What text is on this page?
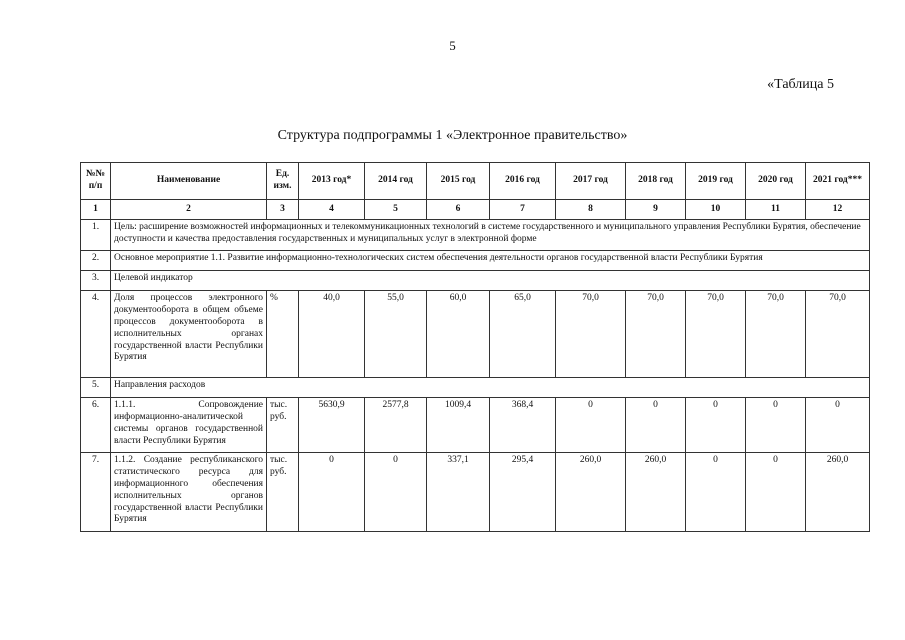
5
«Таблица 5
Структура подпрограммы 1 «Электронное правительство»
№№ п/п	Наименование	Ед. изм.	2013 год*	2014 год	2015 год	2016 год	2017 год	2018 год	2019 год	2020 год	2021 год***
1	2	3	4	5	6	7	8	9	10	11	12
1.	Цель: расширение возможностей информационных и телекоммуникационных технологий в системе государственного и муниципального управления Республики Бурятия, обеспечение доступности и качества предоставления государственных и муниципальных услуг в электронной форме										
2.	Основное мероприятие 1.1. Развитие информационно-технологических систем обеспечения деятельности органов государственной власти Республики Бурятия										
3.	Целевой индикатор										
4.	Доля процессов электронного документооборота в общем объеме процессов документооборота в исполнительных органах государственной власти Республики Бурятия	%	40,0	55,0	60,0	65,0	70,0	70,0	70,0	70,0	70,0
5.	Направления расходов										
6.	1.1.1. Сопровождение информационно-аналитической системы органов государственной власти Республики Бурятия	тыс. руб.	5630,9	2577,8	1009,4	368,4	0	0	0	0	0
7.	1.1.2. Создание республиканского статистического ресурса для информационного обеспечения исполнительных органов государственной власти Республики Бурятия	тыс. руб.	0	0	337,1	295,4	260,0	260,0	0	0	260,0
